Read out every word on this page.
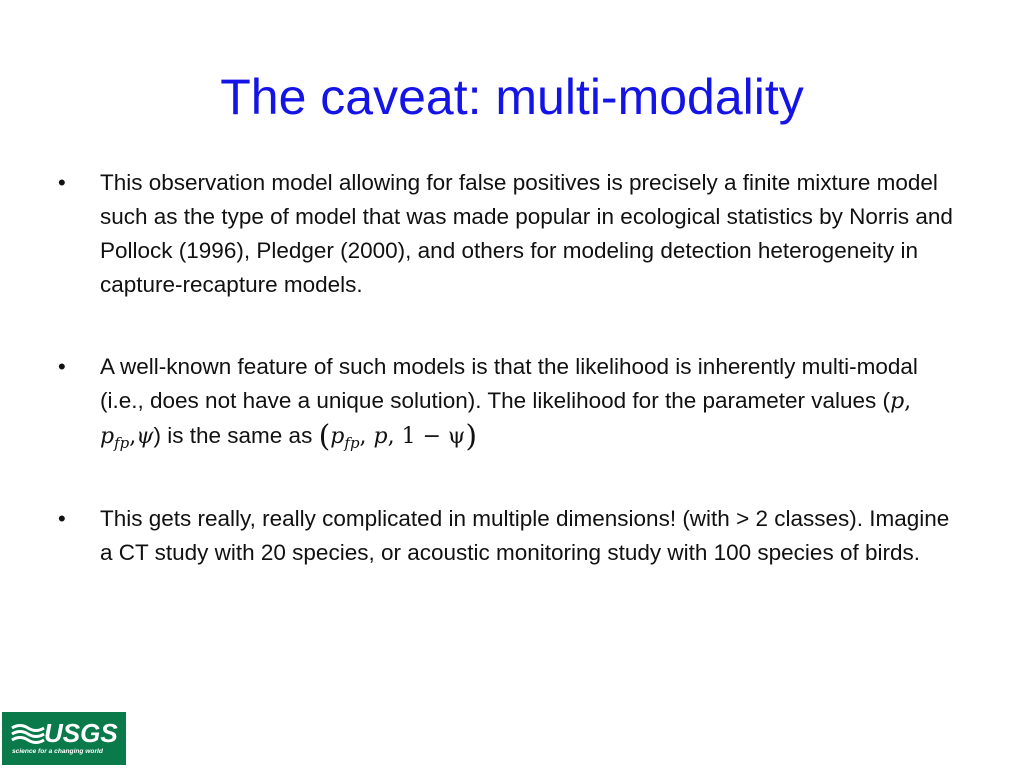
The caveat: multi-modality
• This observation model allowing for false positives is precisely a finite mixture model such as the type of model that was made popular in ecological statistics by Norris and Pollock (1996), Pledger (2000), and others for modeling detection heterogeneity in capture-recapture models.
• A well-known feature of such models is that the likelihood is inherently multi-modal (i.e., does not have a unique solution). The likelihood for the parameter values (p, $p_{fp},\psi$) is the same as ($p_{fp}$, p, 1 − ψ)
• This gets really, really complicated in multiple dimensions! (with > 2 classes). Imagine a CT study with 20 species, or acoustic monitoring study with 100 species of birds.
USGS
science for a changing world
